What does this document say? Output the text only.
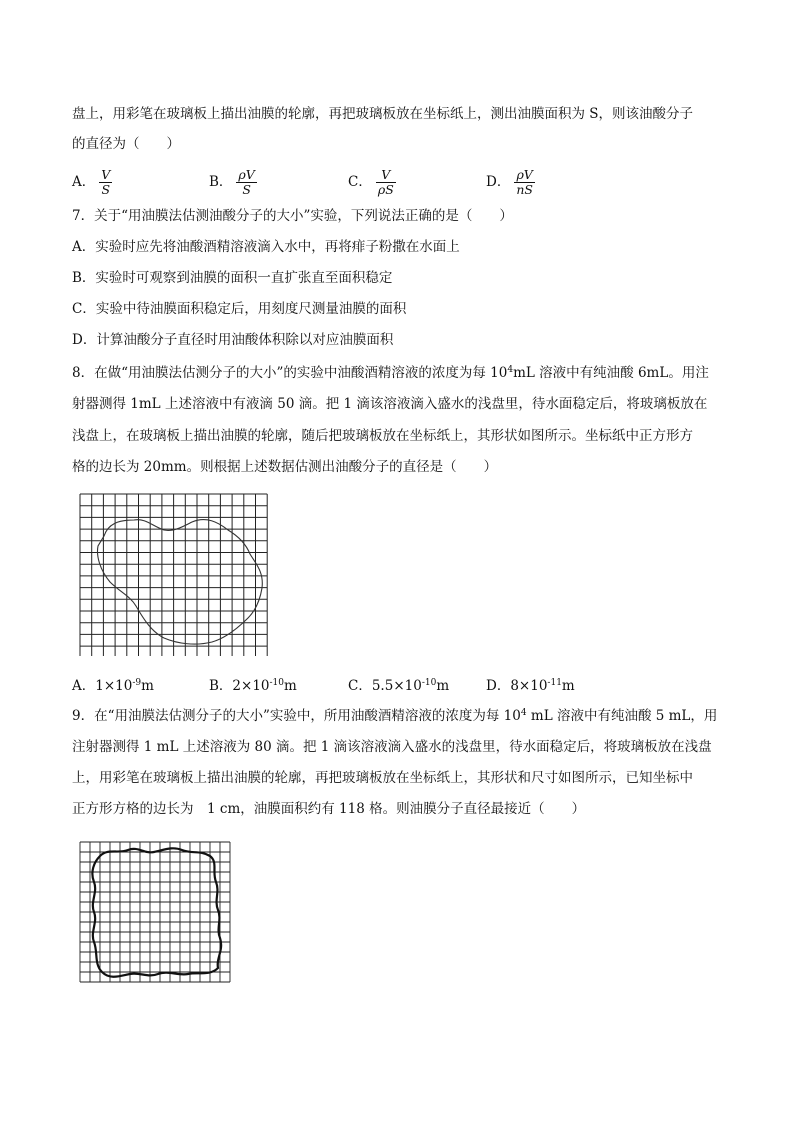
盘上，用彩笔在玻璃板上描出油膜的轮廓，再把玻璃板放在坐标纸上，测出油膜面积为 S，则该油酸分子
的直径为（　　）
A． $\frac{V}{S}$	B． $\frac{\rho V}{S}$	C． $\frac{V}{\rho S}$	D． $\frac{\rho V}{nS}$
7．关于“用油膜法估测油酸分子的大小”实验，下列说法正确的是（　　）
A．实验时应先将油酸酒精溶液滴入水中，再将痱子粉撒在水面上
B．实验时可观察到油膜的面积一直扩张直至面积稳定
C．实验中待油膜面积稳定后，用刻度尺测量油膜的面积
D．计算油酸分子直径时用油酸体积除以对应油膜面积
8．在做“用油膜法估测分子的大小”的实验中油酸酒精溶液的浓度为每 $10^4mL$ 溶液中有纯油酸 6mL。用注
射器测得 1mL 上述溶液中有液滴 50 滴。把 1 滴该溶液滴入盛水的浅盘里，待水面稳定后，将玻璃板放在
浅盘上，在玻璃板上描出油膜的轮廓，随后把玻璃板放在坐标纸上，其形状如图所示。坐标纸中正方形方
格的边长为 20mm。则根据上述数据估测出油酸分子的直径是（　　）
A．$1\times 10^{-9}m$	B．$2\times 10^{-10}m$	C．$5.5\times 10^{-10}m$	D．$8\times 10^{-11}m$
9．在“用油膜法估测分子的大小”实验中，所用油酸酒精溶液的浓度为每 $10^4$ mL 溶液中有纯油酸 5 mL，用
注射器测得 1 mL 上述溶液为 80 滴。把 1 滴该溶液滴入盛水的浅盘里，待水面稳定后，将玻璃板放在浅盘
上，用彩笔在玻璃板上描出油膜的轮廓，再把玻璃板放在坐标纸上，其形状和尺寸如图所示，已知坐标中
正方形方格的边长为　1 cm，油膜面积约有 118 格。则油膜分子直径最接近（　　）
